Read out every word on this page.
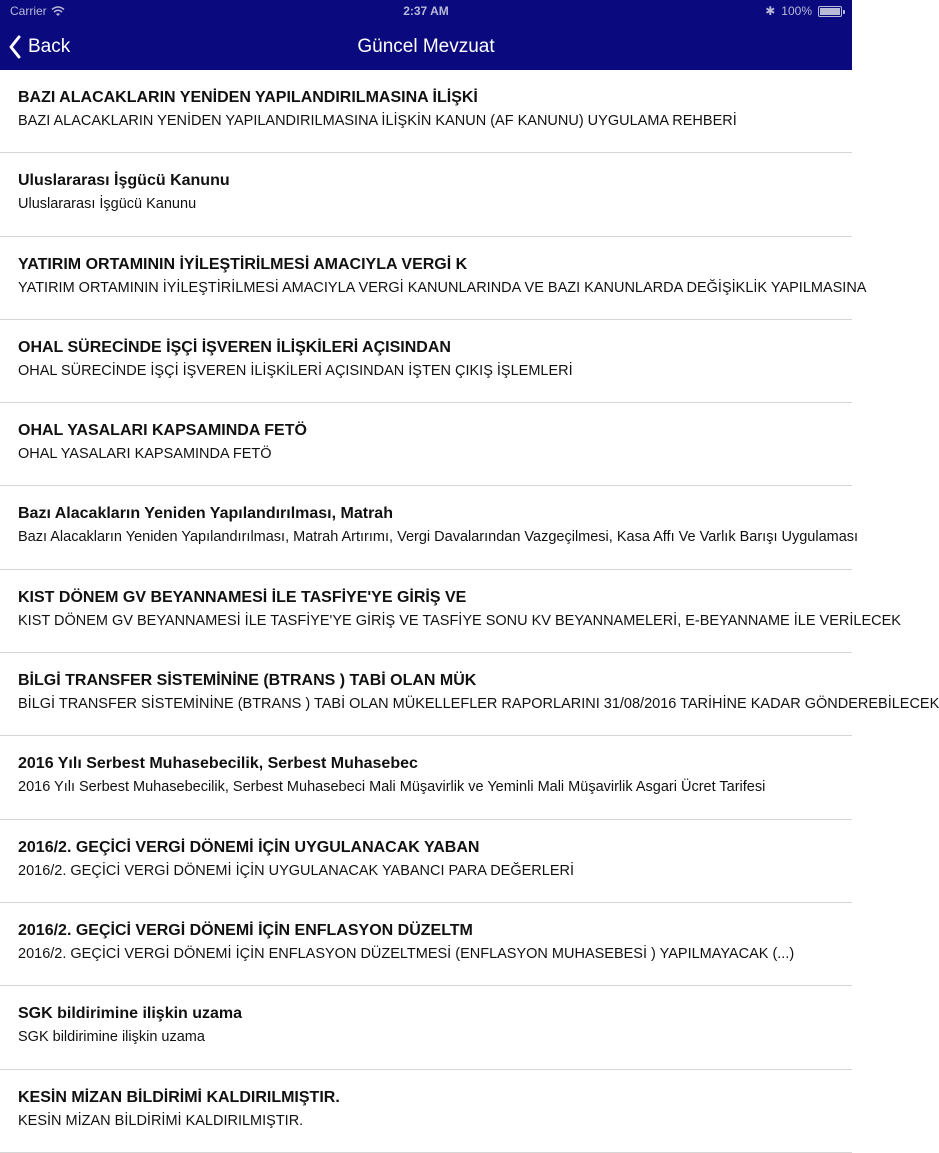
Carrier	2:37 AM	✱ 100%
Back	Güncel Mevzuat
BAZI ALACAKLARIN YENİDEN YAPILANDIRILMASINA İLİŞKİ
BAZI ALACAKLARIN YENİDEN YAPILANDIRILMASINA İLİŞKİN KANUN (AF KANUNU) UYGULAMA REHBERİ
Uluslararası İşgücü Kanunu
Uluslararası İşgücü Kanunu
YATIRIM ORTAMININ İYİLEŞTİRİLMESİ AMACIYLA VERGİ K
YATIRIM ORTAMININ İYİLEŞTİRİLMESİ AMACIYLA VERGİ KANUNLARINDA VE BAZI KANUNLARDA DEĞİŞİKLİK YAPILMASINA
OHAL SÜRECİNDE İŞÇİ İŞVEREN İLİŞKİLERİ AÇISINDAN
OHAL SÜRECİNDE İŞÇİ İŞVEREN İLİŞKİLERİ AÇISINDAN İŞTEN ÇIKIŞ İŞLEMLERİ
OHAL YASALARI KAPSAMINDA FETÖ
OHAL YASALARI KAPSAMINDA FETÖ
Bazı Alacakların Yeniden Yapılandırılması, Matrah
Bazı Alacakların Yeniden Yapılandırılması, Matrah Artırımı, Vergi Davalarından Vazgeçilmesi, Kasa Affı Ve Varlık Barışı Uygulaması
KIST DÖNEM GV BEYANNAMESİ İLE TASFİYE'YE GİRİŞ VE
KIST DÖNEM GV BEYANNAMESİ İLE TASFİYE'YE GİRİŞ VE TASFİYE SONU KV BEYANNAMELERİ, E-BEYANNAME İLE VERİLECEK
BİLGİ TRANSFER SİSTEMİNİNE (BTRANS ) TABİ OLAN MÜK
BİLGİ TRANSFER SİSTEMİNİNE (BTRANS ) TABİ OLAN MÜKELLEFLER RAPORLARINI 31/08/2016 TARİHİNE KADAR GÖNDEREBİLECEK
2016 Yılı Serbest Muhasebecilik, Serbest Muhasebec
2016 Yılı Serbest Muhasebecilik, Serbest Muhasebeci Mali Müşavirlik ve Yeminli Mali Müşavirlik Asgari Ücret Tarifesi
2016/2. GEÇİCİ VERGİ DÖNEMİ İÇİN UYGULANACAK YABAN
2016/2. GEÇİCİ VERGİ DÖNEMİ İÇİN UYGULANACAK YABANCI PARA DEĞERLERİ
2016/2. GEÇİCİ VERGİ DÖNEMİ İÇİN ENFLASYON DÜZELTM
2016/2. GEÇİCİ VERGİ DÖNEMİ İÇİN ENFLASYON DÜZELTMESİ (ENFLASYON MUHASEBESİ ) YAPILMAYACAK (...)
SGK bildirimine ilişkin uzama
SGK bildirimine ilişkin uzama
KESİN MİZAN BİLDİRİMİ KALDIRILMIŞTIR.
KESİN MİZAN BİLDİRİMİ KALDIRILMIŞTIR.
